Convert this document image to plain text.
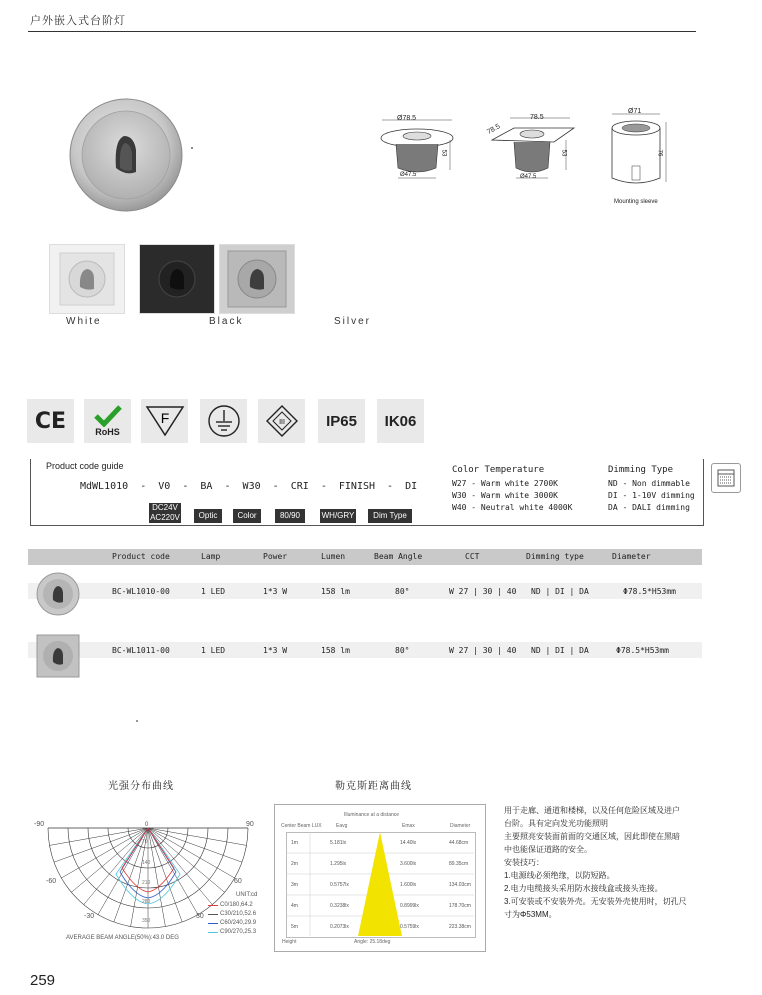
户外嵌入式台阶灯
Ø78.5
53
Ø47.5
78.5
78.5
53
Ø47.5
Ø71
76
Mounting sleeve
White	Black	Silver
CE	RoHS
F	III	IP65 IK06
Product code guide
MdWL1010  -  V0  -  BA  -  W30  -  CRI  -  FINISH  -  DI
DC24V
AC220V	Optic	Color	80/90	WH/GRY	Dim Type
Color Temperature
W27 - Warm white 2700K
W30 - Warm white 3000K
W40 - Neutral white 4000K
Dimming Type
ND - Non dimmable
DI - 1-10V dimming
DA - DALI dimming
Product code	Lamp	Power	Lumen	Beam Angle	CCT	Dimming type	Diameter
BC-WL1010-00	1 LED	1*3 W	158 lm	80°	W 27 | 30 | 40 ND | DI | DA	Φ78.5*H53mm
BC-WL1011-00	1 LED	1*3 W	158 lm	80°	W 27 | 30 | 40 ND | DI | DA	Φ78.5*H53mm
光强分布曲线	勒克斯距离曲线
-90	90
-60	60
-30	30
0
70
140
210
280
350
UNIT:cd
C0/180,64.2
C30/210,52.6
C60/240,29.9
C90/270,25.3
AVERAGE BEAM ANGLE(50%):43.0 DEG
Illuminance at a distance
Center Beam LUX	Eavg	Emax	Diameter
1m	5.181lx	14.40lx	44.68cm
2m	1.295lx	3.600lx	89.35cm
3m	0.5757lx	1.600lx	134.03cm
4m	0.3238lx	0.8999lx	178.70cm
5m	0.2073lx	0.5759lx	223.38cm
Height	Angle: 25.18deg
用于走廊、通道和楼梯，以及任何危险区域及进户
台阶。具有定向发光功能照明
主要照亮安装面前面的交通区域，因此即使在黑暗
中也能保证道路的安全。
安装技巧：
1.电源线必须绝缘，以防短路。
2.电力电缆接头采用防水接线盒或接头连接。
3.可安装或不安装外壳。无安装外壳使用时，切孔尺
寸为Φ53MM。
259
